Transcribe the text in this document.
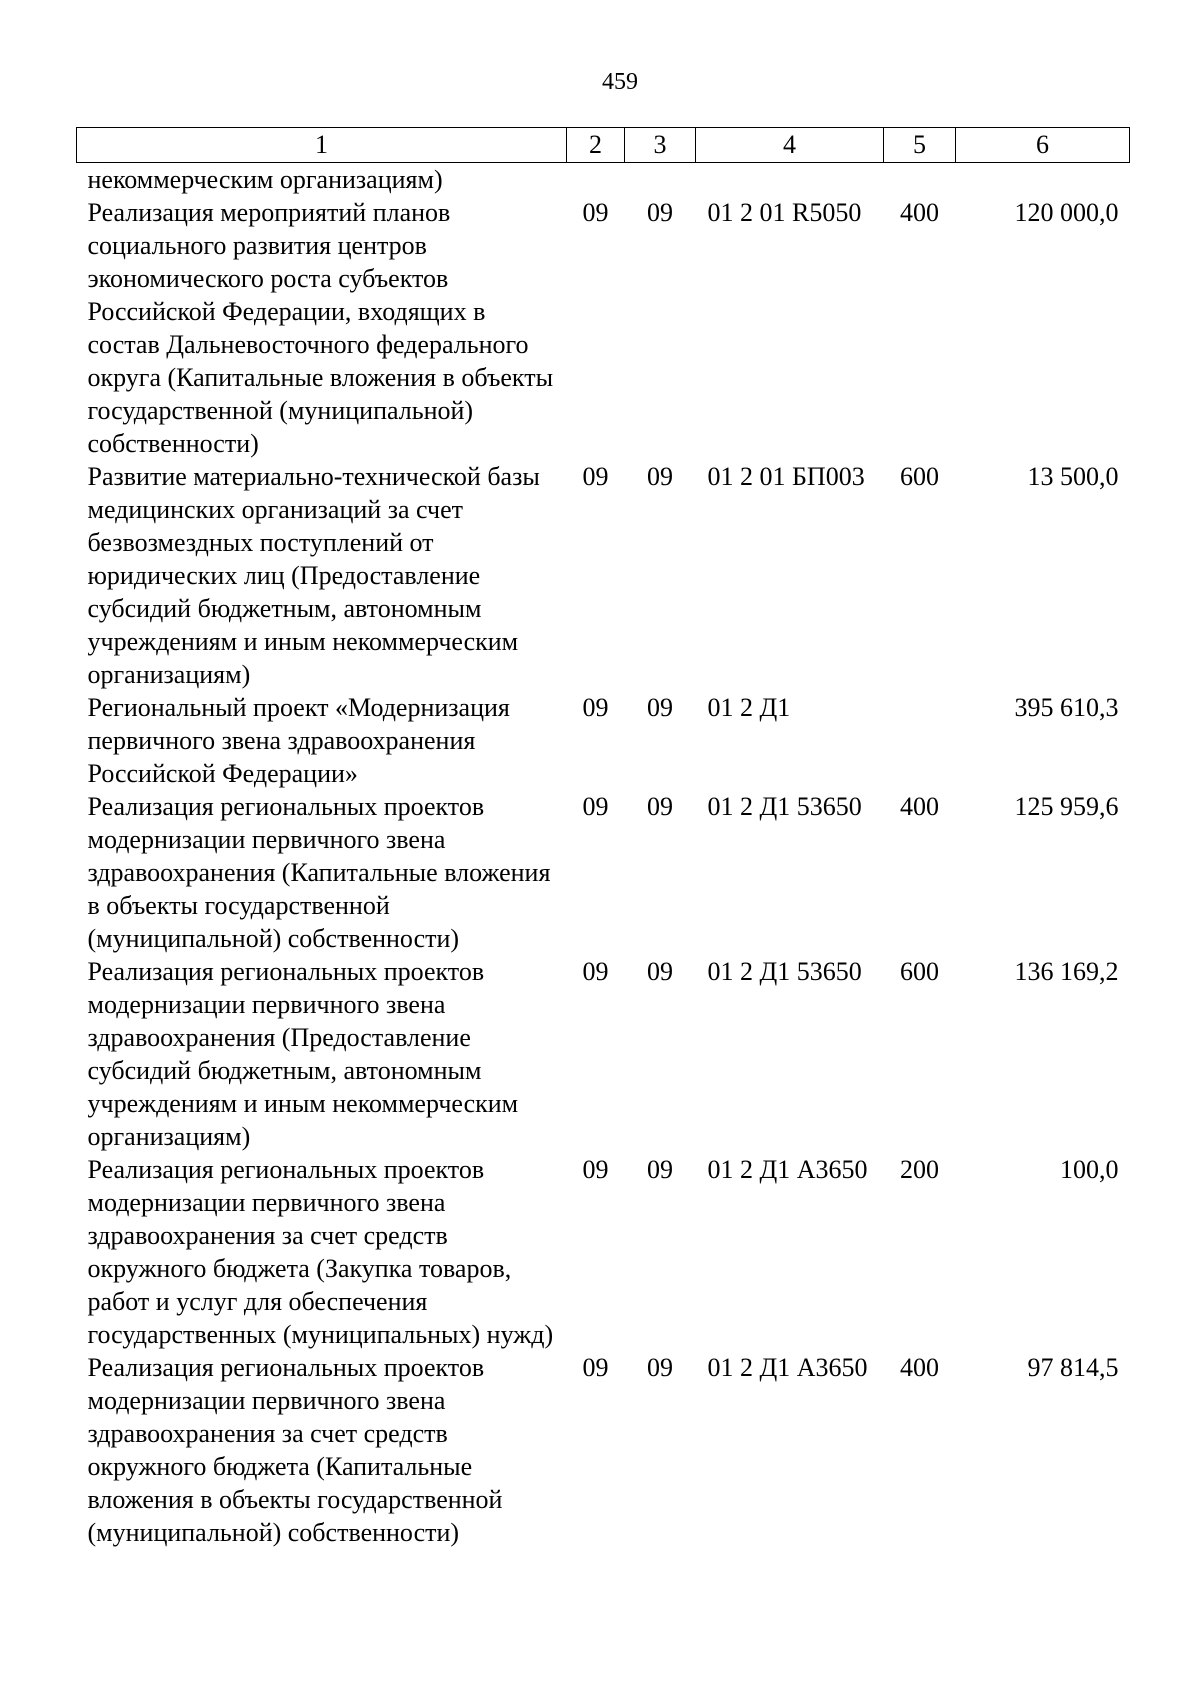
459
1	2	3	4	5	6
некоммерческим организациям)					
Реализация мероприятий планов социального развития центров экономического роста субъектов Российской Федерации, входящих в состав Дальневосточного федерального округа (Капитальные вложения в объекты государственной (муниципальной) собственности)	09	09	01 2 01 R5050	400	120 000,0
Развитие материально-технической базы медицинских организаций за счет безвозмездных поступлений от юридических лиц (Предоставление субсидий бюджетным, автономным учреждениям и иным некоммерческим организациям)	09	09	01 2 01 БП003	600	13 500,0
Региональный проект «Модернизация первичного звена здравоохранения Российской Федерации»	09	09	01 2 Д1		395 610,3
Реализация региональных проектов модернизации первичного звена здравоохранения (Капитальные вложения в объекты государственной (муниципальной) собственности)	09	09	01 2 Д1 53650	400	125 959,6
Реализация региональных проектов модернизации первичного звена здравоохранения (Предоставление субсидий бюджетным, автономным учреждениям и иным некоммерческим организациям)	09	09	01 2 Д1 53650	600	136 169,2
Реализация региональных проектов модернизации первичного звена здравоохранения за счет средств окружного бюджета (Закупка товаров, работ и услуг для обеспечения государственных (муниципальных) нужд)	09	09	01 2 Д1 А3650	200	100,0
Реализация региональных проектов модернизации первичного звена здравоохранения за счет средств окружного бюджета (Капитальные вложения в объекты государственной (муниципальной) собственности)	09	09	01 2 Д1 А3650	400	97 814,5
